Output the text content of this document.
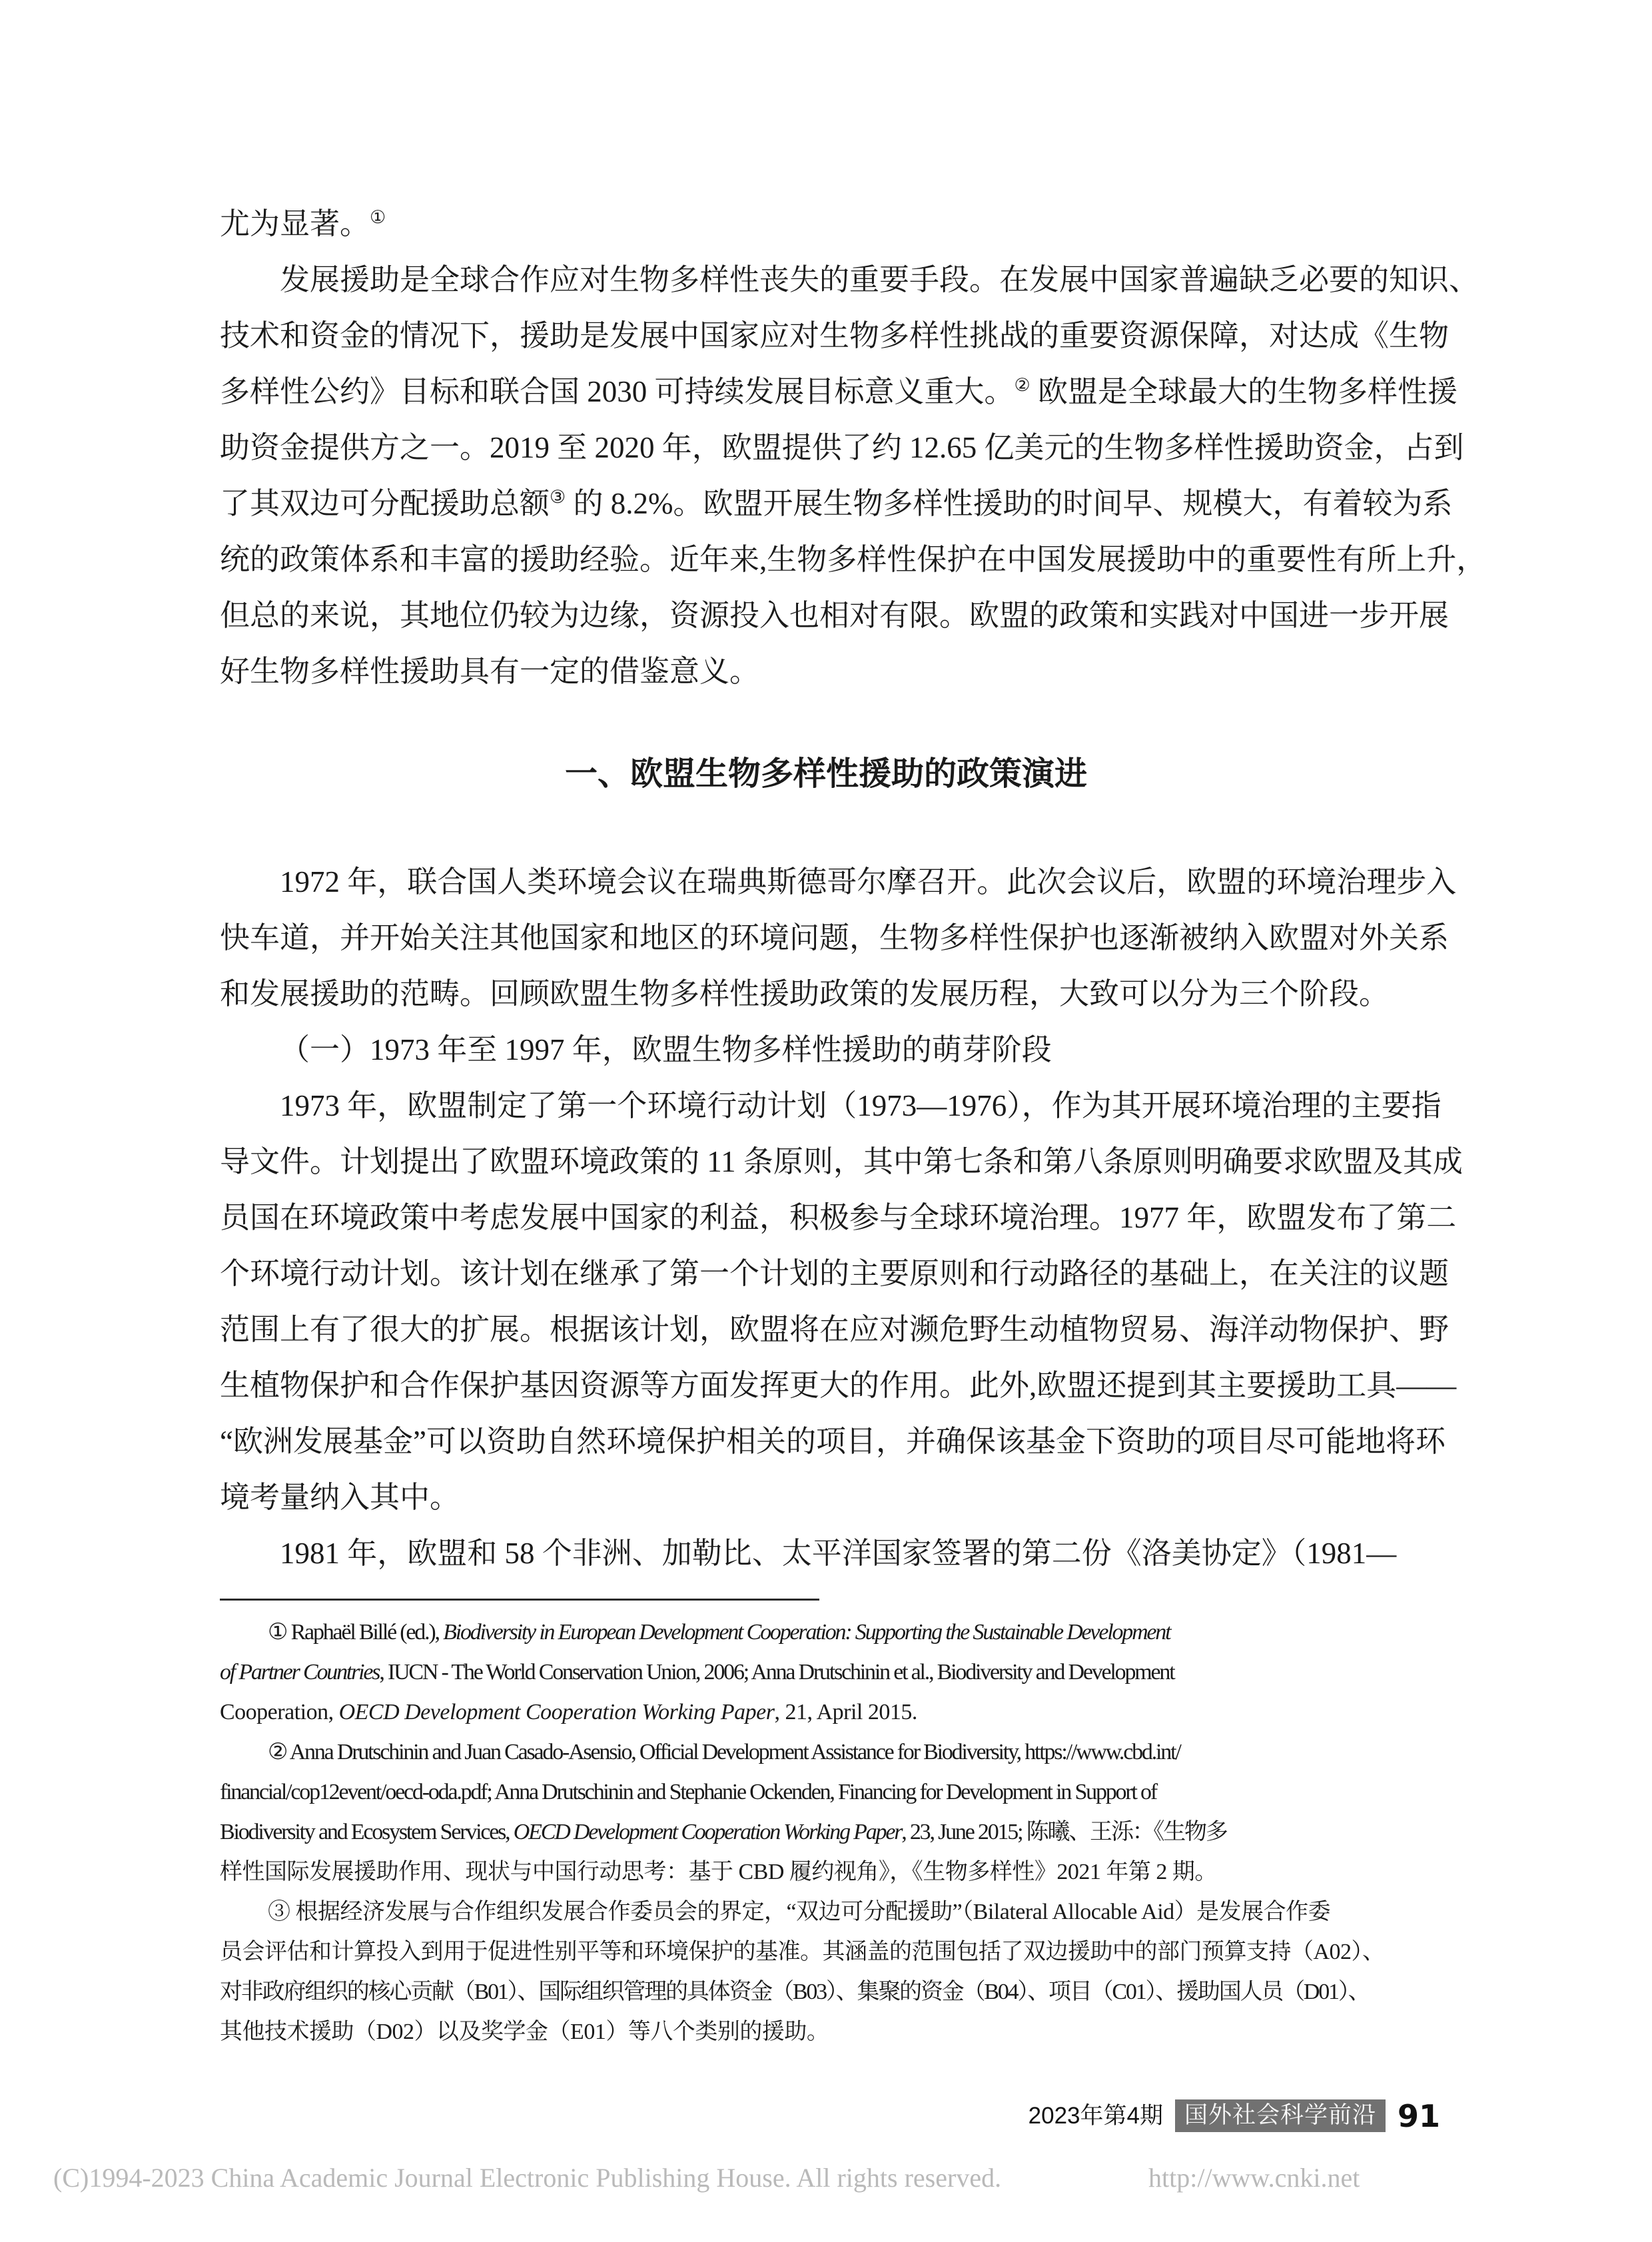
尤为显著。①
发展援助是全球合作应对生物多样性丧失的重要手段。在发展中国家普遍缺乏必要的知识、
技术和资金的情况下，援助是发展中国家应对生物多样性挑战的重要资源保障，对达成《生物
多样性公约》目标和联合国 2030 可持续发展目标意义重大。② 欧盟是全球最大的生物多样性援
助资金提供方之一。2019 至 2020 年，欧盟提供了约 12.65 亿美元的生物多样性援助资金，占到
了其双边可分配援助总额③ 的 8.2%。欧盟开展生物多样性援助的时间早、规模大，有着较为系
统的政策体系和丰富的援助经验。近年来,生物多样性保护在中国发展援助中的重要性有所上升，
但总的来说，其地位仍较为边缘，资源投入也相对有限。欧盟的政策和实践对中国进一步开展
好生物多样性援助具有一定的借鉴意义。
一、欧盟生物多样性援助的政策演进
1972 年，联合国人类环境会议在瑞典斯德哥尔摩召开。此次会议后，欧盟的环境治理步入
快车道，并开始关注其他国家和地区的环境问题，生物多样性保护也逐渐被纳入欧盟对外关系
和发展援助的范畴。回顾欧盟生物多样性援助政策的发展历程，大致可以分为三个阶段。
（一）1973 年至 1997 年，欧盟生物多样性援助的萌芽阶段
1973 年，欧盟制定了第一个环境行动计划（1973—1976），作为其开展环境治理的主要指
导文件。计划提出了欧盟环境政策的 11 条原则，其中第七条和第八条原则明确要求欧盟及其成
员国在环境政策中考虑发展中国家的利益，积极参与全球环境治理。1977 年，欧盟发布了第二
个环境行动计划。该计划在继承了第一个计划的主要原则和行动路径的基础上，在关注的议题
范围上有了很大的扩展。根据该计划，欧盟将在应对濒危野生动植物贸易、海洋动物保护、野
生植物保护和合作保护基因资源等方面发挥更大的作用。此外,欧盟还提到其主要援助工具——
“欧洲发展基金”可以资助自然环境保护相关的项目，并确保该基金下资助的项目尽可能地将环
境考量纳入其中。
1981 年，欧盟和 58 个非洲、加勒比、太平洋国家签署的第二份《洛美协定》（1981—
① Raphaël Billé (ed.), Biodiversity in European Development Cooperation: Supporting the Sustainable Development
of Partner Countries, IUCN - The World Conservation Union, 2006; Anna Drutschinin et al., Biodiversity and Development
Cooperation, OECD Development Cooperation Working Paper, 21, April 2015.
② Anna Drutschinin and Juan Casado-Asensio, Official Development Assistance for Biodiversity, https://www.cbd.int/
financial/cop12event/oecd-oda.pdf; Anna Drutschinin and Stephanie Ockenden, Financing for Development in Support of
Biodiversity and Ecosystem Services, OECD Development Cooperation Working Paper, 23, June 2015; 陈曦、王泺：《生物多
样性国际发展援助作用、现状与中国行动思考：基于 CBD 履约视角》，《生物多样性》2021 年第 2 期。
③ 根据经济发展与合作组织发展合作委员会的界定，“双边可分配援助”（Bilateral Allocable Aid）是发展合作委
员会评估和计算投入到用于促进性别平等和环境保护的基准。其涵盖的范围包括了双边援助中的部门预算支持（A02）、
对非政府组织的核心贡献（B01）、国际组织管理的具体资金（B03）、集聚的资金（B04）、项目（C01）、援助国人员（D01）、
其他技术援助（D02）以及奖学金（E01）等八个类别的援助。
2023年第4期 国外社会科学前沿 91
(C)1994-2023 China Academic Journal Electronic Publishing House. All rights reserved.	http://www.cnki.net
